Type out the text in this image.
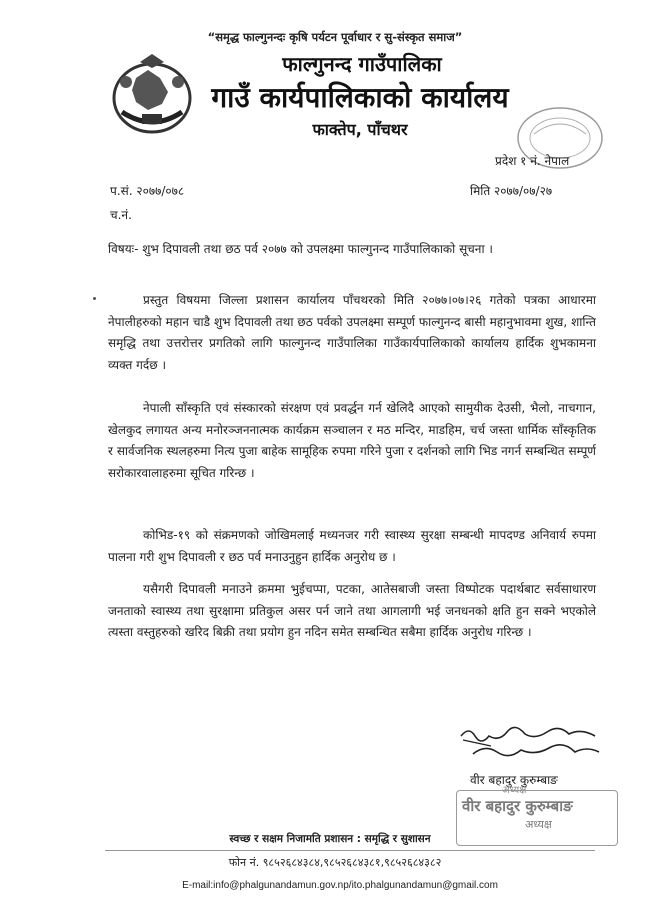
“समृद्ध फाल्गुनन्दः कृषि पर्यटन पूर्वाधार र सु-संस्कृत समाज”
फाल्गुनन्द गाउँपालिका
गाउँ कार्यपालिकाको कार्यालय
फाक्तेप, पाँचथर
प्रदेश १ नं. नेपाल
प.सं. २०७७/०७८
च.नं.
मिति २०७७/०७/२७
विषयः- शुभ दिपावली तथा छठ पर्व २०७७ को उपलक्ष्मा फाल्गुनन्द गाउँपालिकाको सूचना ।
प्रस्तुत विषयमा जिल्ला प्रशासन कार्यालय पाँचथरको मिति २०७७।०७।२६ गतेको पत्रका आधारमा नेपालीहरुको महान चाडै शुभ दिपावली तथा छठ पर्वको उपलक्ष्मा सम्पूर्ण फाल्गुनन्द बासी महानुभावमा शुख, शान्ति समृद्धि तथा उत्तरोत्तर प्रगतिको लागि फाल्गुनन्द गाउँपालिका गाउँकार्यपालिकाको कार्यालय हार्दिक शुभकामना व्यक्त गर्दछ ।
नेपाली साँस्कृति एवं संस्कारको संरक्षण एवं प्रवर्द्धन गर्न खेलिदै आएको सामुयीक देउसी, भैलो, नाचगान, खेलकुद लगायत अन्य मनोरञ्जननात्मक कार्यक्रम सञ्चालन र मठ मन्दिर, माडहिम, चर्च जस्ता धार्मिक साँस्कृतिक र सार्वजनिक स्थलहरुमा नित्य पुजा बाहेक सामूहिक रुपमा गरिने पुजा र दर्शनको लागि भिड नगर्न सम्बन्धित सम्पूर्ण सरोकारवालाहरुमा सूचित गरिन्छ ।
कोभिड-१९ को संक्रमणको जोखिमलाई मध्यनजर गरी स्वास्थ्य सुरक्षा सम्बन्धी मापदण्ड अनिवार्य रुपमा पालना गरी शुभ दिपावली र छठ पर्व मनाउनुहुन हार्दिक अनुरोध छ ।
यसैगरी दिपावली मनाउने क्रममा भुईचप्पा, पटका, आतेसबाजी जस्ता विष्पोटक पदार्थबाट सर्वसाधारण जनताको स्वास्थ्य तथा सुरक्षामा प्रतिकुल असर पर्न जाने तथा आगलागी भई जनधनको क्षति हुन सक्ने भएकोले त्यस्ता वस्तुहरुको खरिद बिक्री तथा प्रयोग हुन नदिन समेत सम्बन्धित सबैमा हार्दिक अनुरोध गरिन्छ ।
वीर बहादुर कुरुम्बाङ
अध्यक्ष
वीर बहादुर कुरुम्बाङ
अध्यक्ष
स्वच्छ र सक्षम निजामति प्रशासन : समृद्धि र सुशासन
फोन नं. ९८५२६८४३८४,९८५२६८४३८१,९८५२६८४३८२
E-mail:info@phalgunandamun.gov.np/ito.phalgunandamun@gmail.com
